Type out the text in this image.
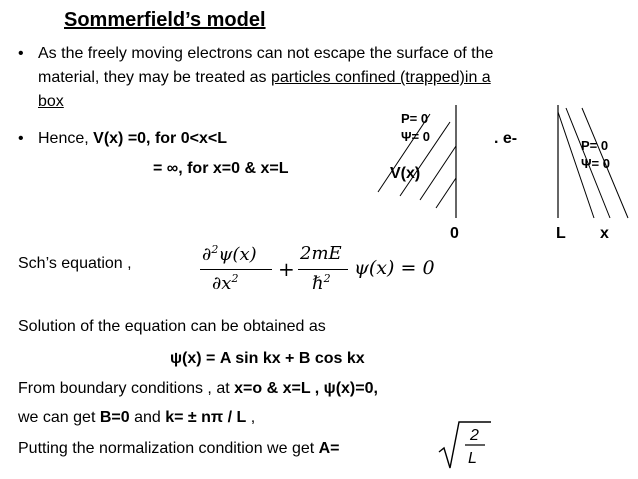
Sommerfield’s model
• As the freely moving electrons can not escape the surface of the
material, they may be treated as particles confined (trapped)in a
box
• Hence, V(x) =0, for 0<x<L
= ∞, for x=0 & x=L
. e-
P= 0
Ψ= 0
P= 0
Ψ= 0
V(x)
0	L x
Sch’s equation ,	∂$^2$ψ(x)
$\partial x^2$ +
2mE
ℏ$^2$ ψ(x) = 0
Solution of the equation can be obtained as
ψ(x) = A sin kx + B cos kx
From boundary conditions , at x=o & x=L , ψ(x)=0,
we can get B=0 and k= ± nπ / L ,
Putting the normalization condition we get A=
2
L
